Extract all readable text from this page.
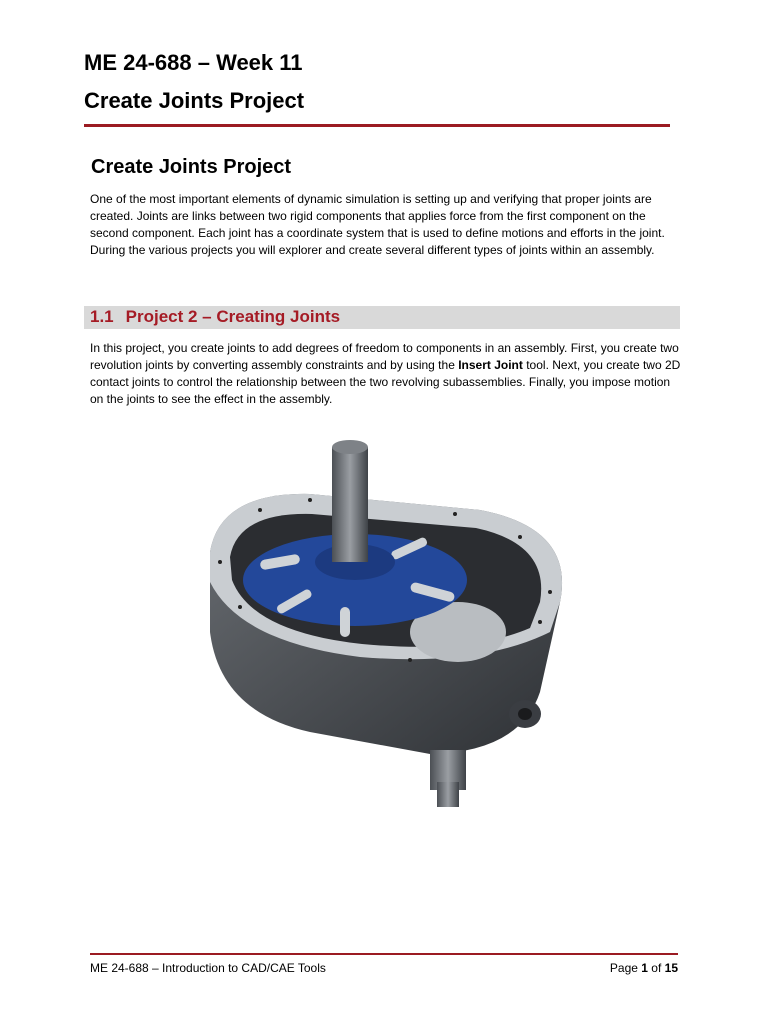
ME 24-688 – Week 11
Create Joints Project
Create Joints Project

One of the most important elements of dynamic simulation is setting up and verifying that proper joints are created. Joints are links between two rigid components that applies force from the first component on the second component. Each joint has a coordinate system that is used to define motions and efforts in the joint. During the various projects you will explorer and create several different types of joints within an assembly.

1.1 Project 2 – Creating Joints

In this project, you create joints to add degrees of freedom to components in an assembly. First, you create two revolution joints by converting assembly constraints and by using the Insert Joint tool. Next, you create two 2D contact joints to control the relationship between the two revolving subassemblies. Finally, you impose motion on the joints to see the effect in the assembly.

ME 24-688 – Introduction to CAD/CAE Tools	Page 1 of 15
